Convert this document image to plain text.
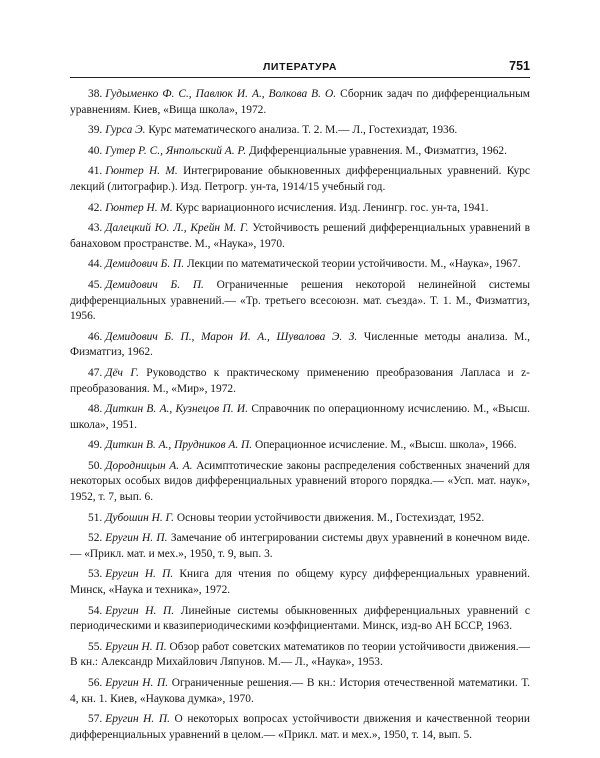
ЛИТЕРАТУРА	751

38. Гудыменко Ф. С., Павлюк И. А., Волкова В. О. Сборник задач по дифференциальным уравнениям. Киев, «Вища школа», 1972.

39. Гурса Э. Курс математического анализа. Т. 2. М.— Л., Гостехиздат, 1936.

40. Гутер Р. С., Янпольский А. Р. Дифференциальные уравнения. М., Физматгиз, 1962.

41. Гюнтер Н. М. Интегрирование обыкновенных дифференциальных уравнений. Курс лекций (литографир.). Изд. Петрогр. ун-та, 1914/15 учебный год.

42. Гюнтер Н. М. Курс вариационного исчисления. Изд. Ленингр. гос. ун-та, 1941.

43. Далецкий Ю. Л., Крейн М. Г. Устойчивость решений дифференциальных уравнений в банаховом пространстве. М., «Наука», 1970.

44. Демидович Б. П. Лекции по математической теории устойчивости. М., «Наука», 1967.

45. Демидович Б. П. Ограниченные решения некоторой нелинейной системы дифференциальных уравнений.— «Тр. третьего всесоюзн. мат. съезда». Т. 1. М., Физматгиз, 1956.

46. Демидович Б. П., Марон И. А., Шувалова Э. З. Численные методы анализа. М., Физматгиз, 1962.

47. Дёч Г. Руководство к практическому применению преобразования Лапласа и z-преобразования. М., «Мир», 1972.

48. Диткин В. А., Кузнецов П. И. Справочник по операционному исчислению. М., «Высш. школа», 1951.

49. Диткин В. А., Прудников А. П. Операционное исчисление. М., «Высш. школа», 1966.

50. Дородницын А. А. Асимптотические законы распределения собственных значений для некоторых особых видов дифференциальных уравнений второго порядка.— «Усп. мат. наук», 1952, т. 7, вып. 6.

51. Дубошин Н. Г. Основы теории устойчивости движения. М., Гостехиздат, 1952.

52. Еругин Н. П. Замечание об интегрировании системы двух уравнений в конечном виде.— «Прикл. мат. и мех.», 1950, т. 9, вып. 3.

53. Еругин Н. П. Книга для чтения по общему курсу дифференциальных уравнений. Минск, «Наука и техника», 1972.

54. Еругин Н. П. Линейные системы обыкновенных дифференциальных уравнений с периодическими и квазипериодическими коэффициентами. Минск, изд-во АН БССР, 1963.

55. Еругин Н. П. Обзор работ советских математиков по теории устойчивости движения.— В кн.: Александр Михайлович Ляпунов. М.— Л., «Наука», 1953.

56. Еругин Н. П. Ограниченные решения.— В кн.: История отечественной математики. Т. 4, кн. 1. Киев, «Наукова думка», 1970.

57. Еругин Н. П. О некоторых вопросах устойчивости движения и качественной теории дифференциальных уравнений в целом.— «Прикл. мат. и мех.», 1950, т. 14, вып. 5.
